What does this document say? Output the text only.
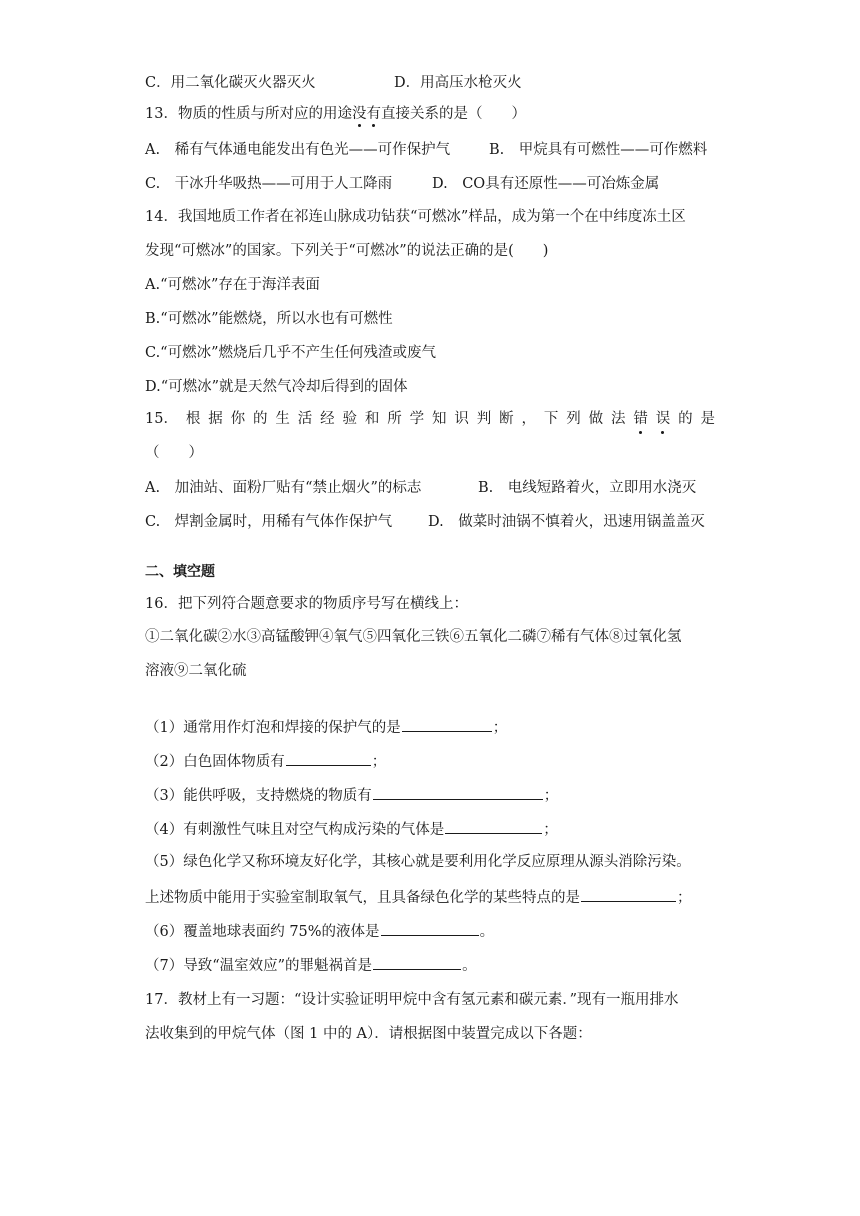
C．用二氧化碳灭火器灭火	D．用高压水枪灭火
13．物质的性质与所对应的用途没有直接关系的是（　　）
A.　稀有气体通电能发出有色光——可作保护气	B.　甲烷具有可燃性——可作燃料
C.　干冰升华吸热——可用于人工降雨	D.　CO具有还原性——可冶炼金属
14．我国地质工作者在祁连山脉成功钻获“可燃冰”样品，成为第一个在中纬度冻土区
发现“可燃冰”的国家。下列关于“可燃冰”的说法正确的是(　　)
A.“可燃冰”存在于海洋表面
B.“可燃冰”能燃烧，所以水也有可燃性
C.“可燃冰”燃烧后几乎不产生任何残渣或废气
D.“可燃冰”就是天然气冷却后得到的固体
15． 根 据 你 的 生 活 经 验 和 所 学 知 识 判 断 ， 下 列 做 法 错 误 的 是
（　　）
A.　加油站、面粉厂贴有“禁止烟火”的标志	B.　电线短路着火，立即用水浇灭
C.　焊割金属时，用稀有气体作保护气 D.　做菜时油锅不慎着火，迅速用锅盖盖灭
二、填空题
16．把下列符合题意要求的物质序号写在横线上：
①二氧化碳②水③高锰酸钾④氧气⑤四氧化三铁⑥五氧化二磷⑦稀有气体⑧过氧化氢
溶液⑨二氧化硫
（1）通常用作灯泡和焊接的保护气的是	；
（2）白色固体物质有	；
（3）能供呼吸，支持燃烧的物质有	；
（4）有刺激性气味且对空气构成污染的气体是	；
（5）绿色化学又称环境友好化学，其核心就是要利用化学反应原理从源头消除污染。
上述物质中能用于实验室制取氧气，且具备绿色化学的某些特点的是	；
（6）覆盖地球表面约 75%的液体是	。
（7）导致“温室效应”的罪魁祸首是	。
17．教材上有一习题：“设计实验证明甲烷中含有氢元素和碳元素．”现有一瓶用排水
法收集到的甲烷气体（图 1 中的 A）．请根据图中装置完成以下各题：
